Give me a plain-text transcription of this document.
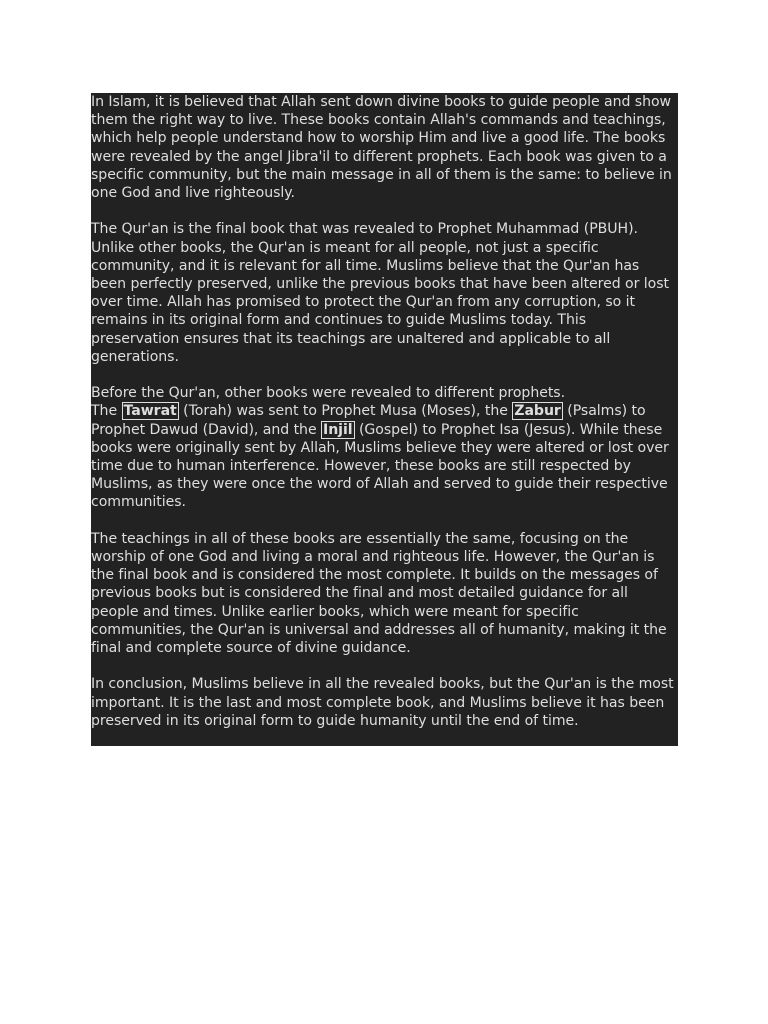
In Islam, it is believed that Allah sent down divine books to guide people and show them the right way to live. These books contain Allah's commands and teachings, which help people understand how to worship Him and live a good life. The books were revealed by the angel Jibra'il to different prophets. Each book was given to a specific community, but the main message in all of them is the same: to believe in one God and live righteously.

The Qur'an is the final book that was revealed to Prophet Muhammad (PBUH). Unlike other books, the Qur'an is meant for all people, not just a specific community, and it is relevant for all time. Muslims believe that the Qur'an has been perfectly preserved, unlike the previous books that have been altered or lost over time. Allah has promised to protect the Qur'an from any corruption, so it remains in its original form and continues to guide Muslims today. This preservation ensures that its teachings are unaltered and applicable to all generations.

Before the Qur'an, other books were revealed to different prophets.
The Tawrat (Torah) was sent to Prophet Musa (Moses), the Zabur (Psalms) to Prophet Dawud (David), and the Injil (Gospel) to Prophet Isa (Jesus). While these books were originally sent by Allah, Muslims believe they were altered or lost over time due to human interference. However, these books are still respected by Muslims, as they were once the word of Allah and served to guide their respective communities.

The teachings in all of these books are essentially the same, focusing on the worship of one God and living a moral and righteous life. However, the Qur'an is the final book and is considered the most complete. It builds on the messages of previous books but is considered the final and most detailed guidance for all people and times. Unlike earlier books, which were meant for specific communities, the Qur'an is universal and addresses all of humanity, making it the final and complete source of divine guidance.

In conclusion, Muslims believe in all the revealed books, but the Qur'an is the most important. It is the last and most complete book, and Muslims believe it has been preserved in its original form to guide humanity until the end of time.
